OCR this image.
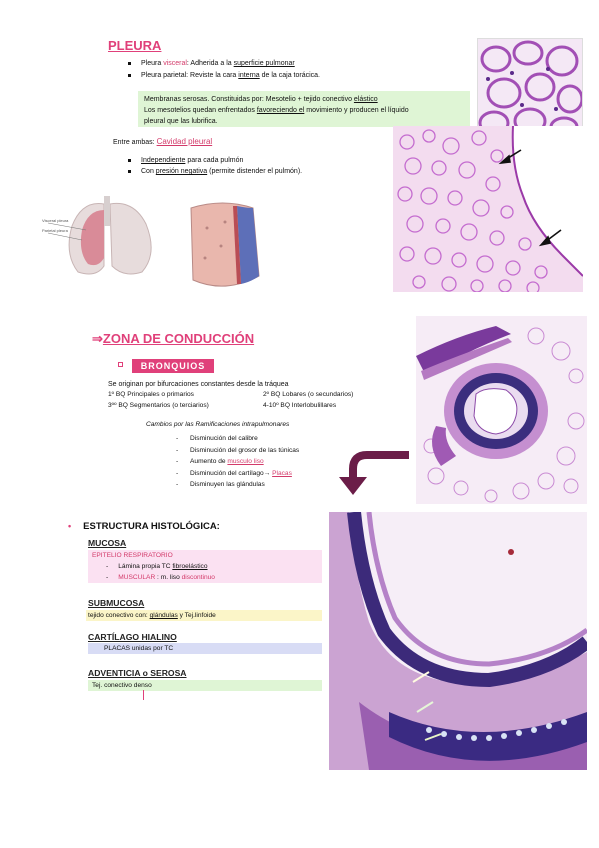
PLEURA
Pleura visceral: Adherida a la superficie pulmonar
Pleura parietal: Reviste la cara interna de la caja torácica.
Membranas serosas. Constituidas por: Mesotelio + tejido conectivo elástico
Los mesotelios quedan enfrentados favoreciendo el movimiento y producen el líquido
pleural que las lubrifica.
Entre ambas: Cavidad pleural
Independiente para cada pulmón
Con presión negativa (permite distender el pulmón).
Visceral pleura
Parietal pleura
⇒ZONA DE CONDUCCIÓN
BRONQUIOS
Se originan por bifurcaciones constantes desde la tráquea
1º BQ Principales o primarios	2º BQ Lobares (o secundarios)
3ºº BQ Segmentarios (o terciarios)	4-10º BQ Interlobulillares
Cambios por las Ramificaciones intrapulmonares
- Disminución del calibre
- Disminución del grosor de las túnicas
- Aumento de musculo liso
- Disminución del cartílago→ Placas
- Disminuyen las glándulas
• ESTRUCTURA HISTOLÓGICA:
MUCOSA
EPITELIO RESPIRATORIO
- Lámina propia TC fibroelástico
- MUSCULAR : m. liso discontinuo
SUBMUCOSA
tejido conectivo con: glándulas y Tej.linfoide
CARTÍLAGO HIALINO
PLACAS unidas por TC
ADVENTICIA o SEROSA
Tej. conectivo denso
